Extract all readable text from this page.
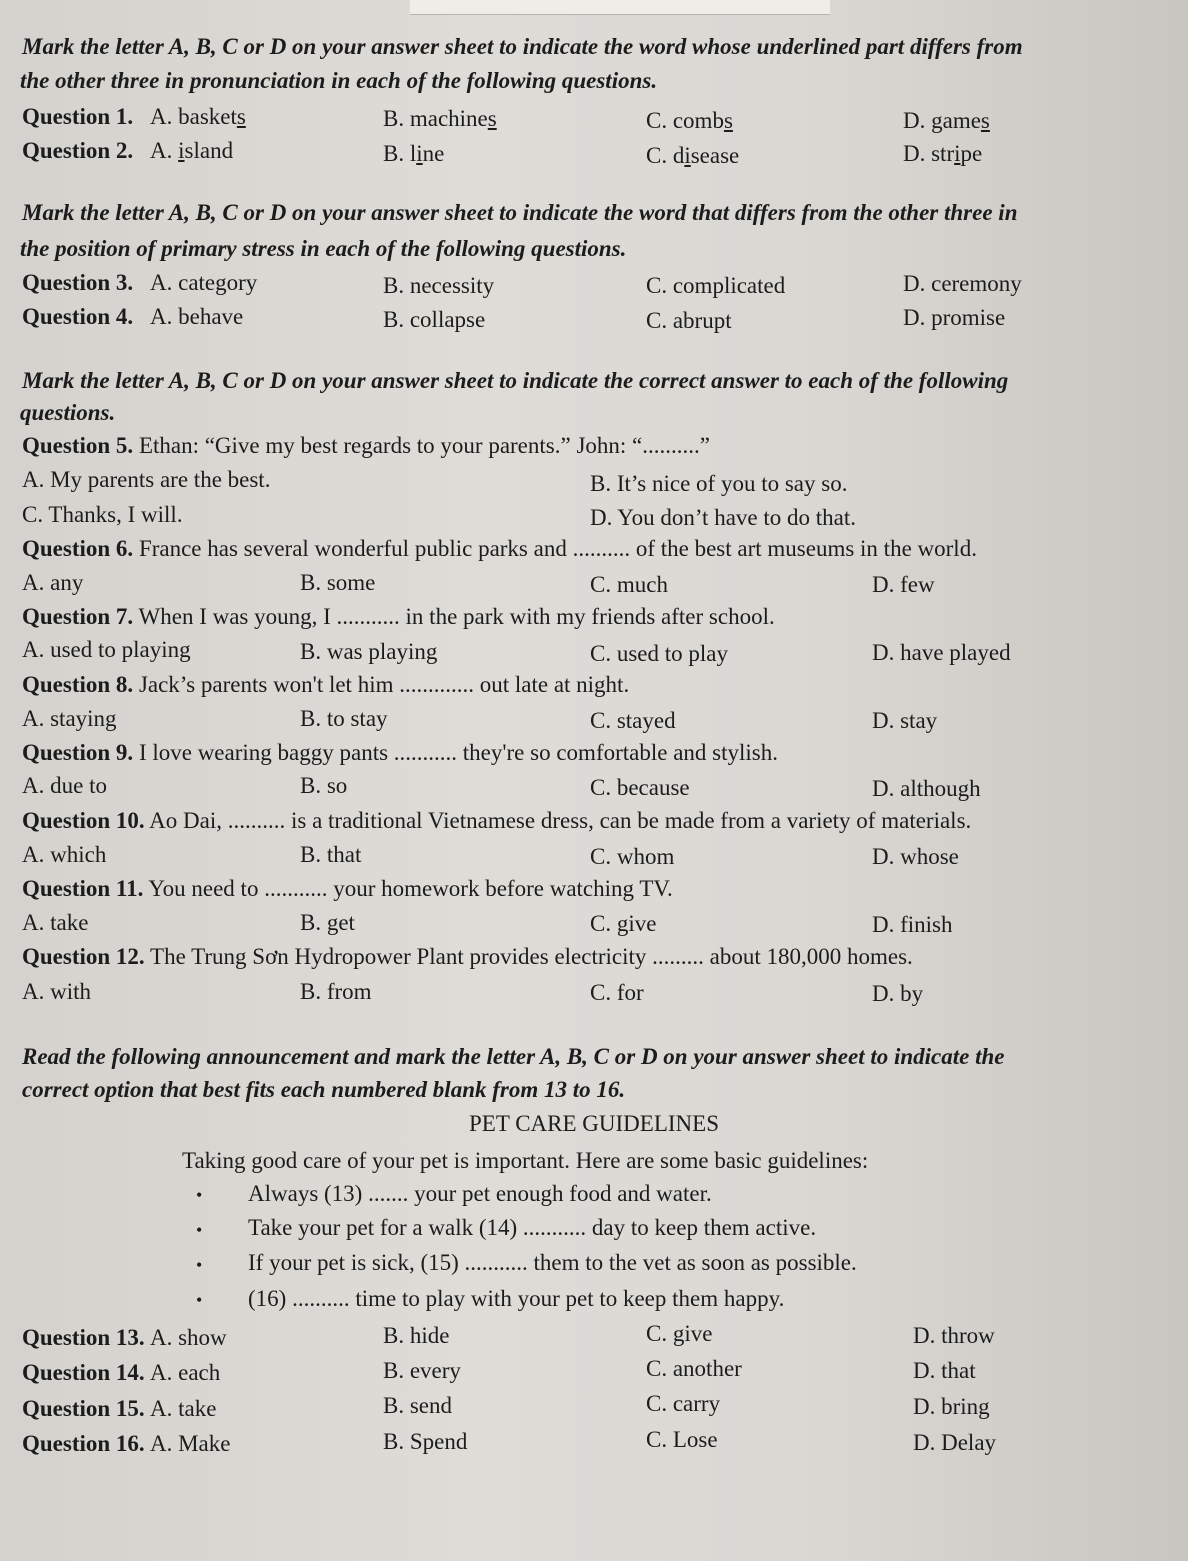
Mark the letter A, B, C or D on your answer sheet to indicate the word whose underlined part differs from
the other three in pronunciation in each of the following questions.
Question 1. A. baskets	B. machines	C. combs	D. games
Question 2. A. island	B. line	C. disease	D. stripe
Mark the letter A, B, C or D on your answer sheet to indicate the word that differs from the other three in
the position of primary stress in each of the following questions.
Question 3. A. category	B. necessity	C. complicated	D. ceremony
Question 4. A. behave	B. collapse	C. abrupt	D. promise
Mark the letter A, B, C or D on your answer sheet to indicate the correct answer to each of the following
questions.
Question 5. Ethan: “Give my best regards to your parents.” John: “..........”
A. My parents are the best.	B. It’s nice of you to say so.
C. Thanks, I will.	D. You don’t have to do that.
Question 6. France has several wonderful public parks and .......... of the best art museums in the world.
A. any	B. some	C. much	D. few
Question 7. When I was young, I ........... in the park with my friends after school.
A. used to playing	B. was playing	C. used to play	D. have played
Question 8. Jack’s parents won't let him ............. out late at night.
A. staying	B. to stay	C. stayed	D. stay
Question 9. I love wearing baggy pants ........... they're so comfortable and stylish.
A. due to	B. so	C. because	D. although
Question 10. Ao Dai, .......... is a traditional Vietnamese dress, can be made from a variety of materials.
A. which	B. that	C. whom	D. whose
Question 11. You need to ........... your homework before watching TV.
A. take	B. get	C. give	D. finish
Question 12. The Trung Sơn Hydropower Plant provides electricity ......... about 180,000 homes.
A. with	B. from	C. for	D. by
Read the following announcement and mark the letter A, B, C or D on your answer sheet to indicate the
correct option that best fits each numbered blank from 13 to 16.
PET CARE GUIDELINES
Taking good care of your pet is important. Here are some basic guidelines:
• Always (13) ....... your pet enough food and water.
• Take your pet for a walk (14) ........... day to keep them active.
• If your pet is sick, (15) ........... them to the vet as soon as possible.
• (16) .......... time to play with your pet to keep them happy.
Question 13. A. show	B. hide	C. give	D. throw
Question 14. A. each	B. every	C. another	D. that
Question 15. A. take	B. send	C. carry	D. bring
Question 16. A. Make	B. Spend	C. Lose	D. Delay
